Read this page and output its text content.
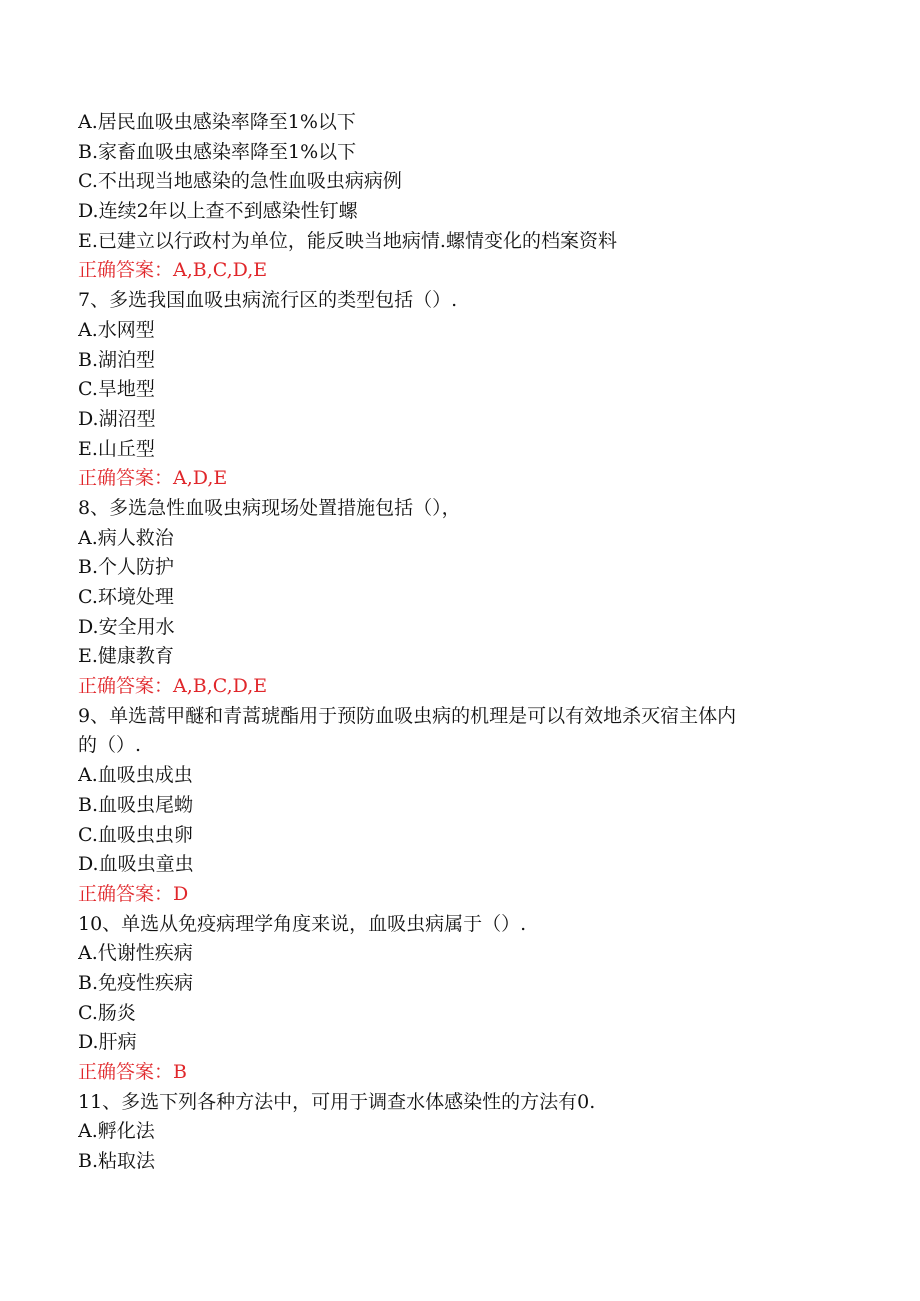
A.居民血吸虫感染率降至1%以下
B.家畜血吸虫感染率降至1%以下
C.不出现当地感染的急性血吸虫病病例
D.连续2年以上查不到感染性钉螺
E.已建立以行政村为单位，能反映当地病情.螺情变化的档案资料
正确答案：A,B,C,D,E
7、多选我国血吸虫病流行区的类型包括（）.
A.水网型
B.湖泊型
C.旱地型
D.湖沼型
E.山丘型
正确答案：A,D,E
8、多选急性血吸虫病现场处置措施包括（），
A.病人救治
B.个人防护
C.环境处理
D.安全用水
E.健康教育
正确答案：A,B,C,D,E
9、单选蒿甲醚和青蒿琥酯用于预防血吸虫病的机理是可以有效地杀灭宿主体内
的（）.
A.血吸虫成虫
B.血吸虫尾蚴
C.血吸虫虫卵
D.血吸虫童虫
正确答案：D
10、单选从免疫病理学角度来说，血吸虫病属于（）.
A.代谢性疾病
B.免疫性疾病
C.肠炎
D.肝病
正确答案：B
11、多选下列各种方法中，可用于调查水体感染性的方法有0.
A.孵化法
B.粘取法
